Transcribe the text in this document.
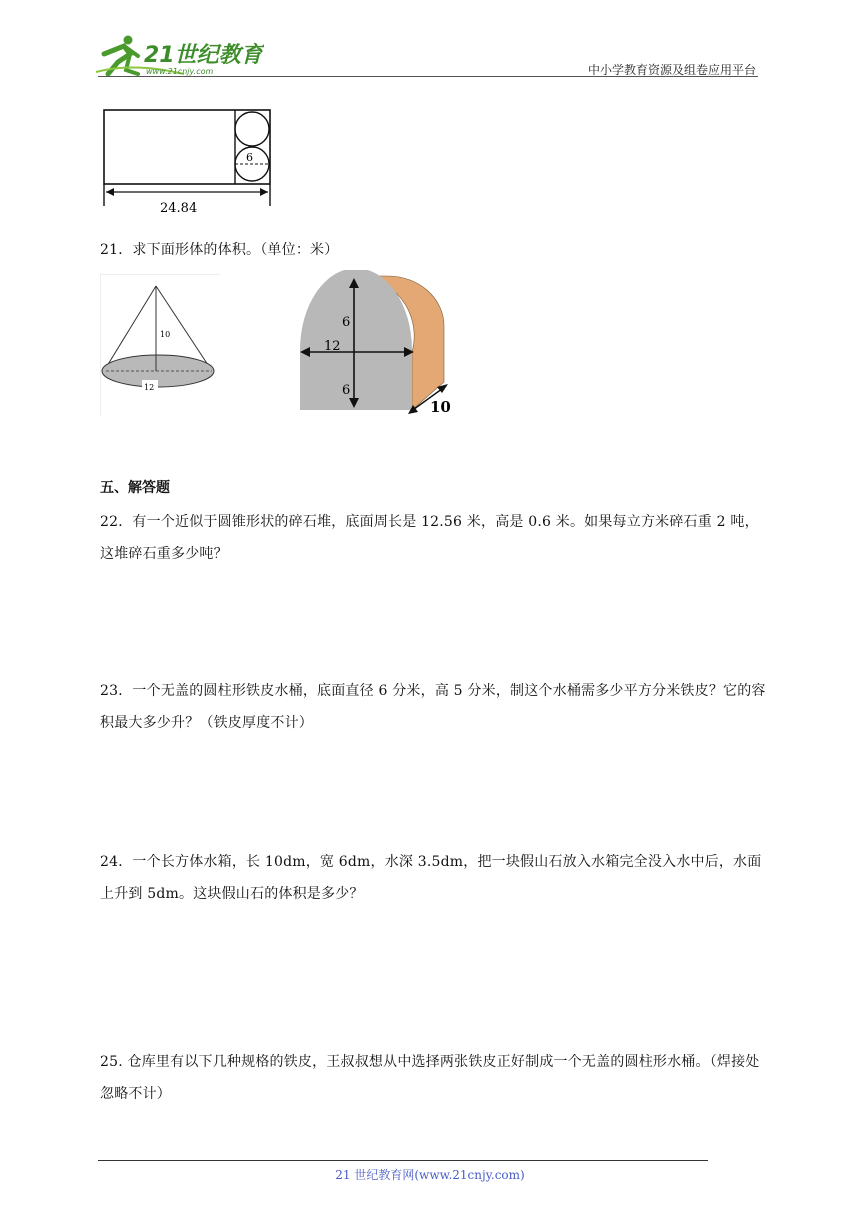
21世纪教育
www.21cnjy.com	中小学教育资源及组卷应用平台
6
24.84
21．求下面形体的体积。（单位：米）
10
12
6
12
6
10
五、解答题
22．有一个近似于圆锥形状的碎石堆，底面周长是 12.56 米，高是 0.6 米。如果每立方米碎石重 2 吨，这堆碎石重多少吨？
23．一个无盖的圆柱形铁皮水桶，底面直径 6 分米，高 5 分米，制这个水桶需多少平方分米铁皮？它的容积最大多少升？（铁皮厚度不计）
24．一个长方体水箱，长 10dm，宽 6dm，水深 3.5dm，把一块假山石放入水箱完全没入水中后，水面上升到 5dm。这块假山石的体积是多少？
25. 仓库里有以下几种规格的铁皮，王叔叔想从中选择两张铁皮正好制成一个无盖的圆柱形水桶。（焊接处忽略不计）
21 世纪教育网(www.21cnjy.com)
